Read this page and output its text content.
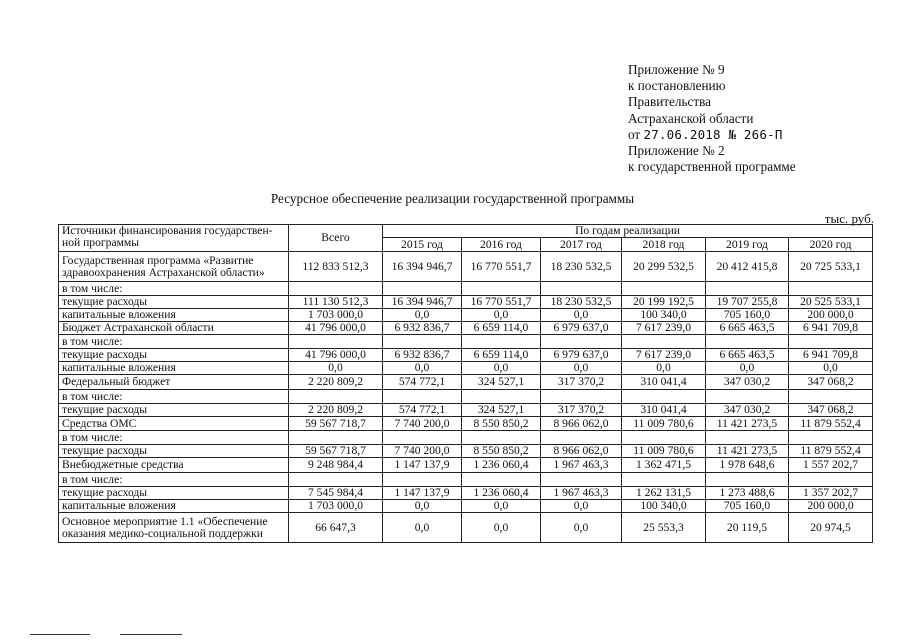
Приложение № 9
к постановлению
Правительства
Астраханской области
от 27.06.2018 № 266-П
Приложение № 2
к государственной программе
Ресурсное обеспечение реализации государственной программы
тыс. руб.
Источники финансирования государствен-ной программы	Всего	По годам реализации					
		2015 год	2016 год	2017 год	2018 год	2019 год	2020 год
Государственная программа «Развитие здравоохранения Астраханской области»	112 833 512,3	16 394 946,7	16 770 551,7	18 230 532,5	20 299 532,5	20 412 415,8	20 725 533,1
в том числе:							
текущие расходы	111 130 512,3	16 394 946,7	16 770 551,7	18 230 532,5	20 199 192,5	19 707 255,8	20 525 533,1
капитальные вложения	1 703 000,0	0,0	0,0	0,0	100 340,0	705 160,0	200 000,0
Бюджет Астраханской области	41 796 000,0	6 932 836,7	6 659 114,0	6 979 637,0	7 617 239,0	6 665 463,5	6 941 709,8
в том числе:							
текущие расходы	41 796 000,0	6 932 836,7	6 659 114,0	6 979 637,0	7 617 239,0	6 665 463,5	6 941 709,8
капитальные вложения	0,0	0,0	0,0	0,0	0,0	0,0	0,0
Федеральный бюджет	2 220 809,2	574 772,1	324 527,1	317 370,2	310 041,4	347 030,2	347 068,2
в том числе:							
текущие расходы	2 220 809,2	574 772,1	324 527,1	317 370,2	310 041,4	347 030,2	347 068,2
Средства ОМС	59 567 718,7	7 740 200,0	8 550 850,2	8 966 062,0	11 009 780,6	11 421 273,5	11 879 552,4
в том числе:							
текущие расходы	59 567 718,7	7 740 200,0	8 550 850,2	8 966 062,0	11 009 780,6	11 421 273,5	11 879 552,4
Внебюджетные средства	9 248 984,4	1 147 137,9	1 236 060,4	1 967 463,3	1 362 471,5	1 978 648,6	1 557 202,7
в том числе:							
текущие расходы	7 545 984,4	1 147 137,9	1 236 060,4	1 967 463,3	1 262 131,5	1 273 488,6	1 357 202,7
капитальные вложения	1 703 000,0	0,0	0,0	0,0	100 340,0	705 160,0	200 000,0
Основное мероприятие 1.1 «Обеспечение оказания медико-социальной поддержки	66 647,3	0,0	0,0	0,0	25 553,3	20 119,5	20 974,5
